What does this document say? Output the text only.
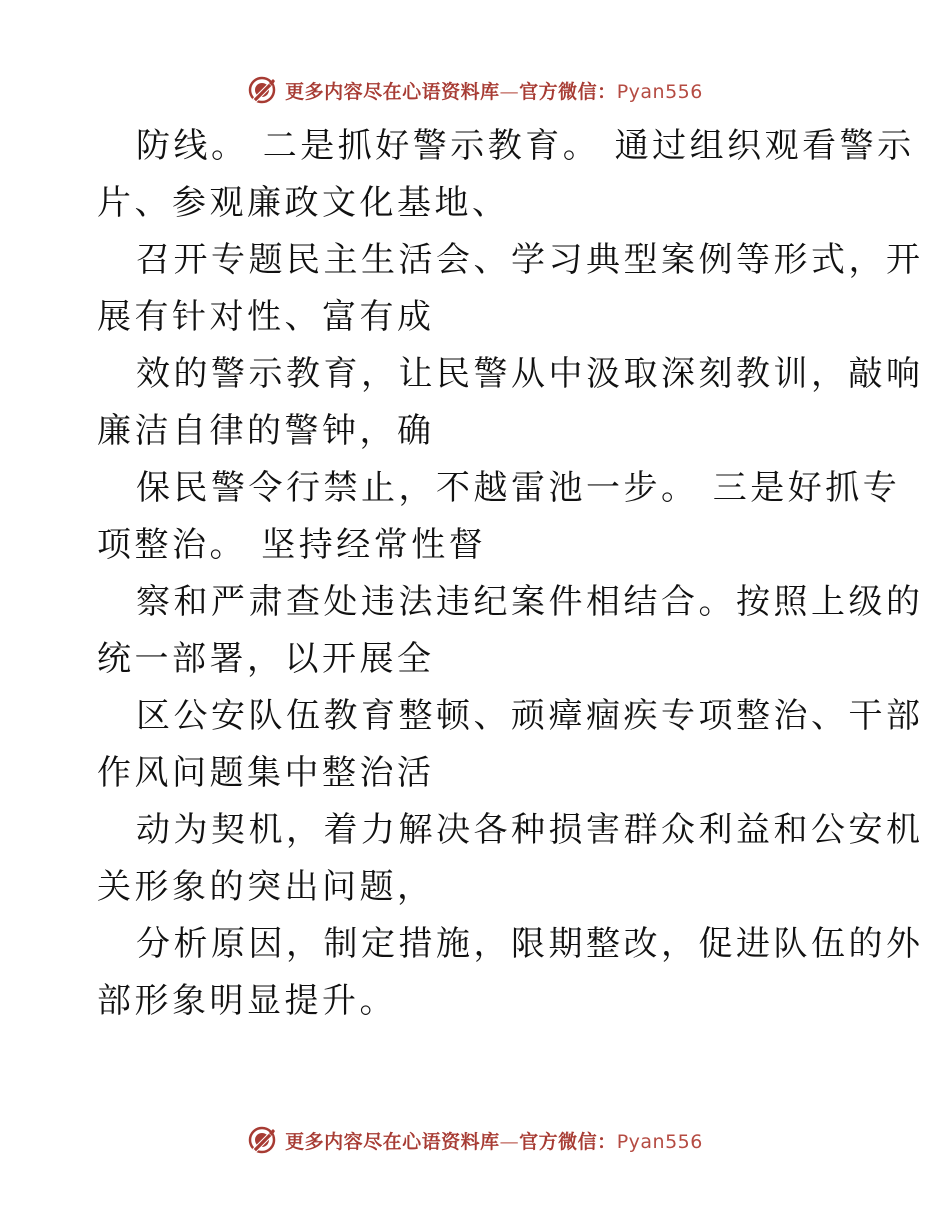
更多内容尽在心语资料库—官方微信：Pyan556
防线。 二是抓好警示教育。 通过组织观看警示
片、参观廉政文化基地、
召开专题民主生活会、学习典型案例等形式，开
展有针对性、富有成
效的警示教育，让民警从中汲取深刻教训，敲响
廉洁自律的警钟，确
保民警令行禁止，不越雷池一步。 三是好抓专
项整治。 坚持经常性督
察和严肃查处违法违纪案件相结合。按照上级的
统一部署，以开展全
区公安队伍教育整顿、顽瘴痼疾专项整治、干部
作风问题集中整治活
动为契机，着力解决各种损害群众利益和公安机
关形象的突出问题，
分析原因，制定措施，限期整改，促进队伍的外
部形象明显提升。
更多内容尽在心语资料库—官方微信：Pyan556
